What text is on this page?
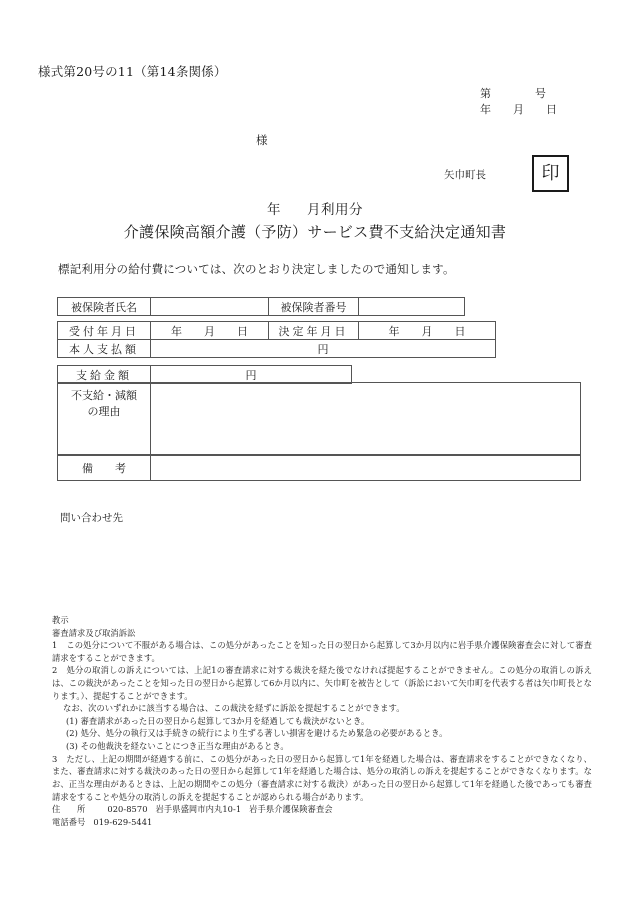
様式第20号の11（第14条関係）
第　　　　号
年　　月　　日
様
矢巾町長	印
年 月利用分
介護保険高額介護（予防）サービス費不支給決定通知書
標記利用分の給付費については、次のとおり決定しましたので通知します。
被保険者氏名		被保険者番号	
受付年月日	年　　月　　日	決定年月日	年　　月　　日
本人支払額	円		
支給金額	円
不支給・減額
の理由

備　　考	
問い合わせ先
教示
審査請求及び取消訴訟
1 この処分について不服がある場合は、この処分があったことを知った日の翌日から起算して3か月以内に岩手県介護保険審査会に対して審査請求をすることができます。
2 処分の取消しの訴えについては、上記1の審査請求に対する裁決を経た後でなければ提起することができません。この処分の取消しの訴えは、この裁決があったことを知った日の翌日から起算して6か月以内に、矢巾町を被告として（訴訟において矢巾町を代表する者は矢巾町長となります。）、提起することができます。
なお、次のいずれかに該当する場合は、この裁決を経ずに訴訟を提起することができます。
(1) 審査請求があった日の翌日から起算して3か月を経過しても裁決がないとき。
(2) 処分、処分の執行又は手続きの続行により生ずる著しい損害を避けるため緊急の必要があるとき。
(3) その他裁決を経ないことにつき正当な理由があるとき。
3 ただし、上記の期間が経過する前に、この処分があった日の翌日から起算して1年を経過した場合は、審査請求をすることができなくなり、また、審査請求に対する裁決のあった日の翌日から起算して1年を経過した場合は、処分の取消しの訴えを提起することができなくなります。なお、正当な理由があるときは、上記の期間やこの処分（審査請求に対する裁決）があった日の翌日から起算して1年を経過した後であっても審査請求をすることや処分の取消しの訴えを提起することが認められる場合があります。
住　　所	020-8570 岩手県盛岡市内丸10-1 岩手県介護保険審査会
電話番号 019-629-5441
